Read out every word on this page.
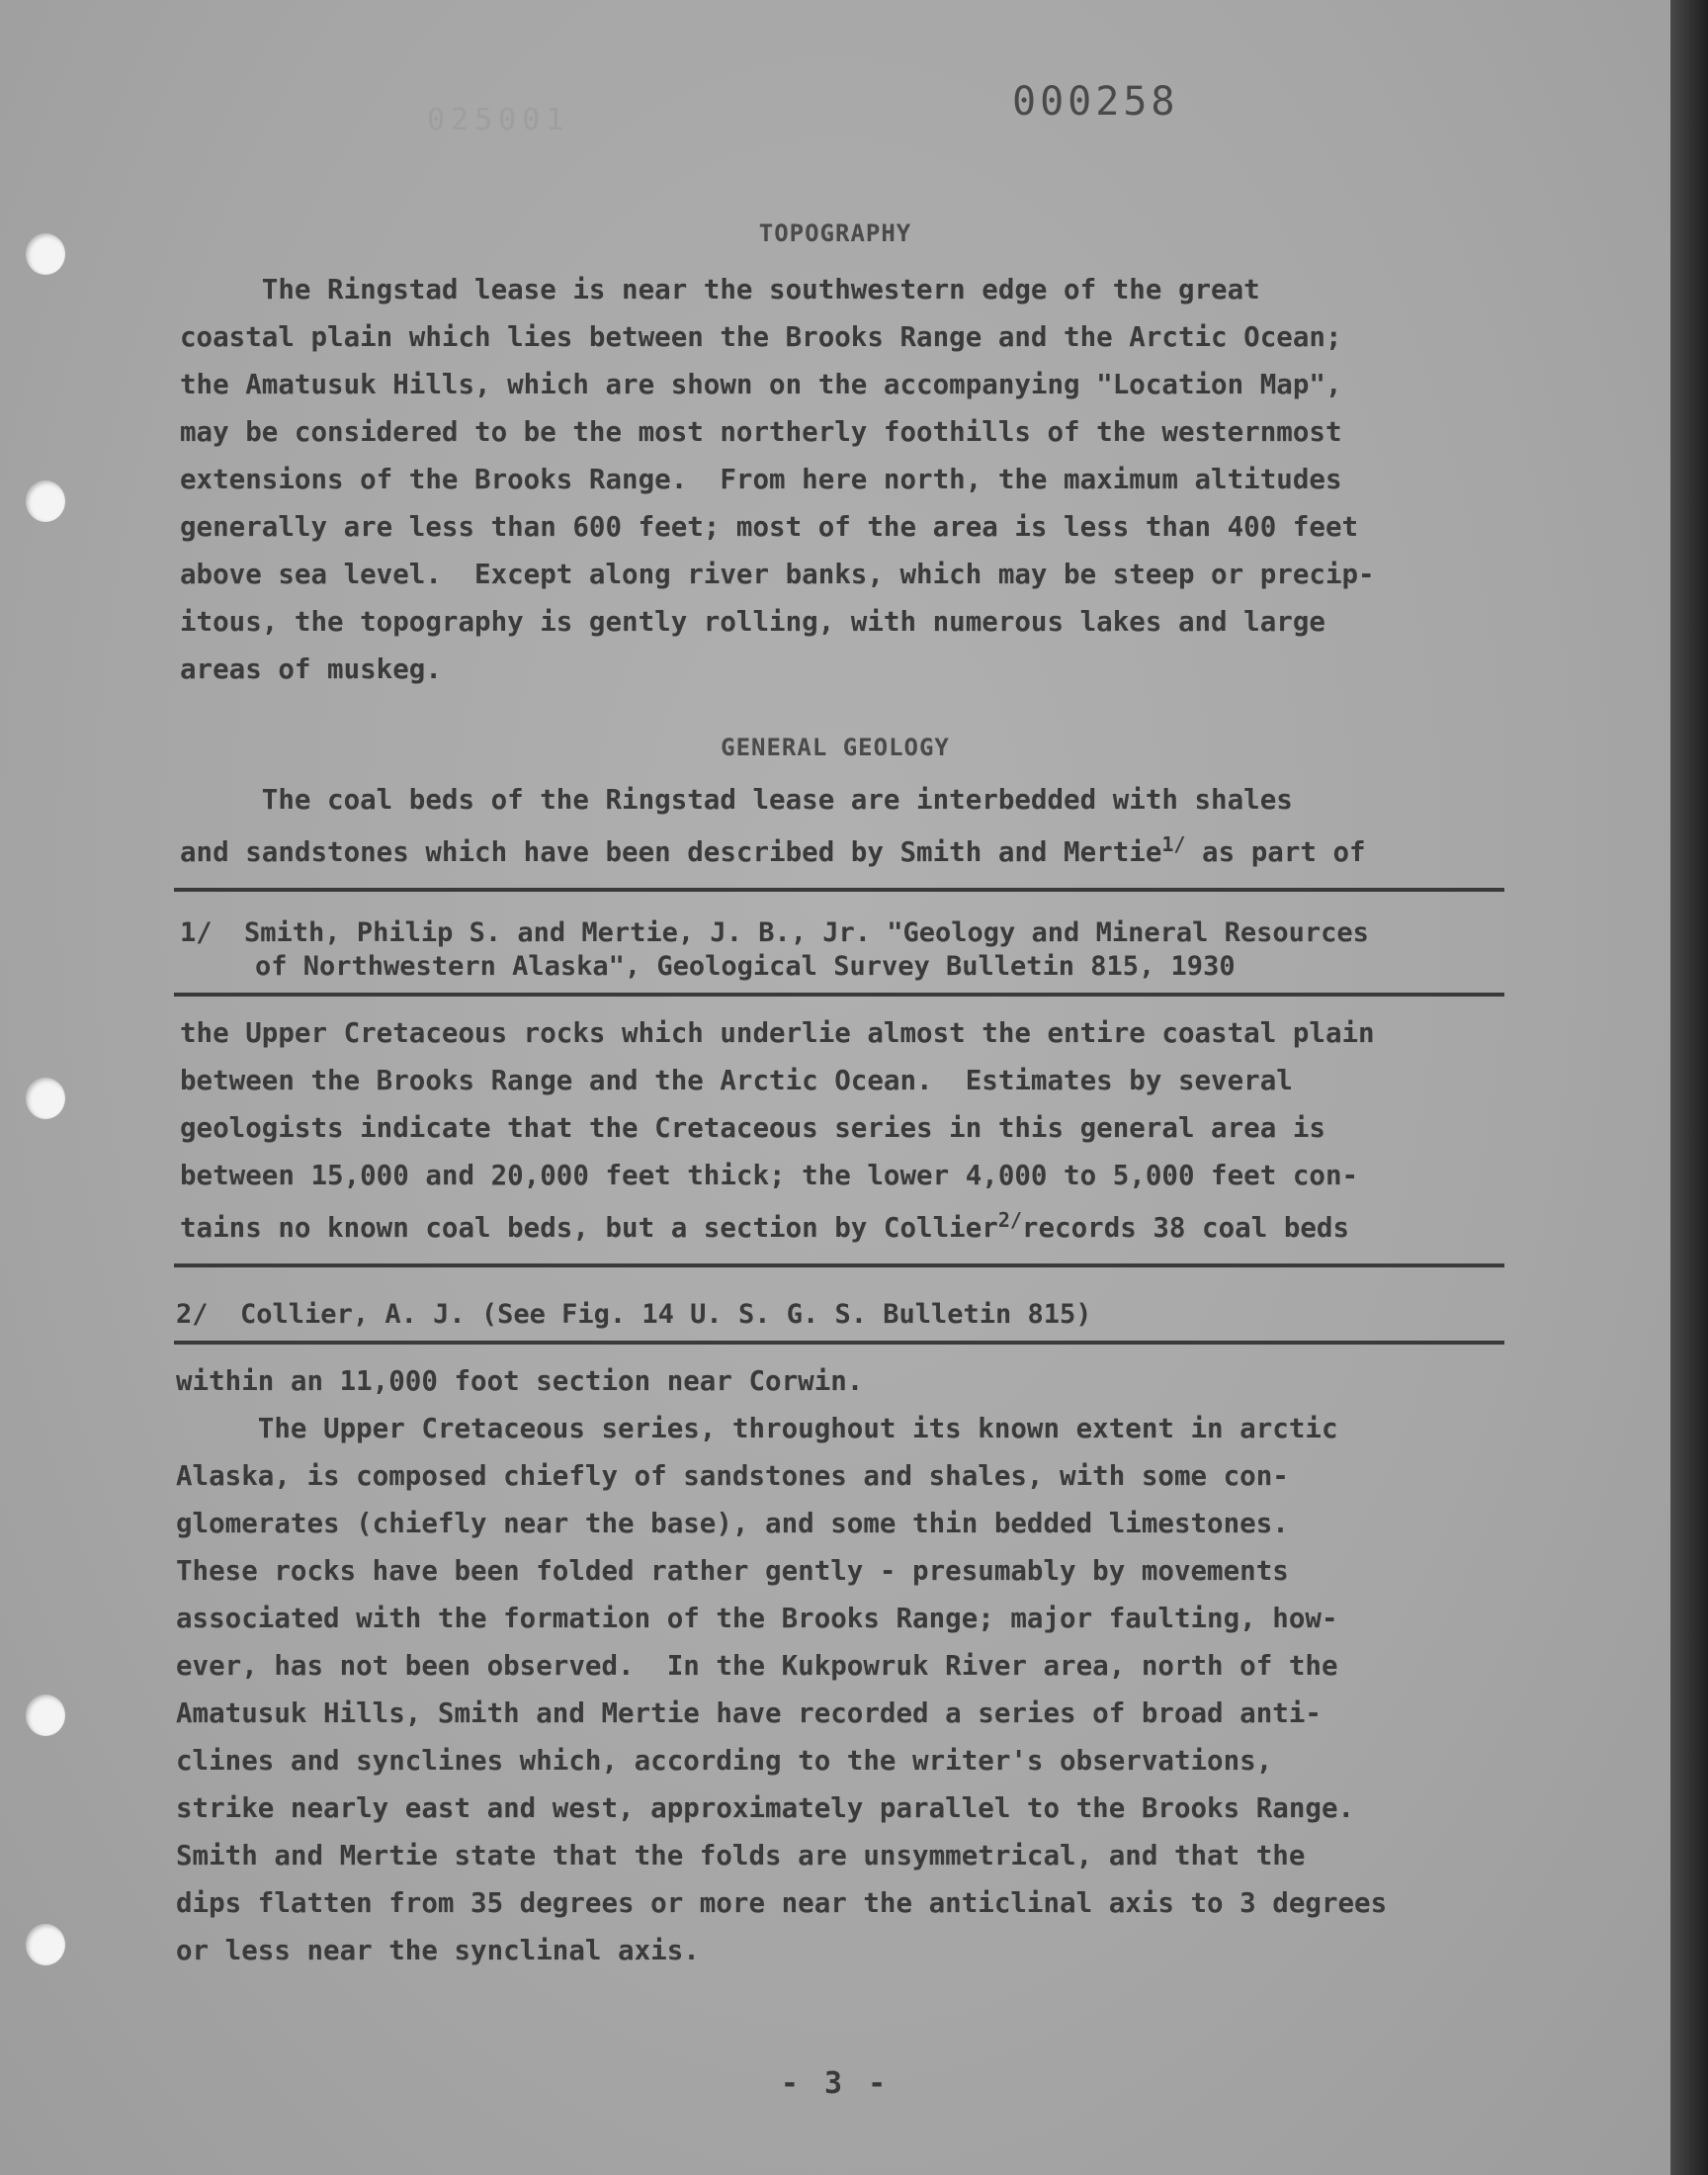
025001	000258
TOPOGRAPHY
The Ringstad lease is near the southwestern edge of the great
coastal plain which lies between the Brooks Range and the Arctic Ocean;
the Amatusuk Hills, which are shown on the accompanying "Location Map",
may be considered to be the most northerly foothills of the westernmost
extensions of the Brooks Range.  From here north, the maximum altitudes
generally are less than 600 feet; most of the area is less than 400 feet
above sea level.  Except along river banks, which may be steep or precip-
itous, the topography is gently rolling, with numerous lakes and large
areas of muskeg.
GENERAL GEOLOGY
The coal beds of the Ringstad lease are interbedded with shales
and sandstones which have been described by Smith and Mertie$^{1/}$ as part of
1/ Smith, Philip S. and Mertie, J. B., Jr. "Geology and Mineral Resources
of Northwestern Alaska", Geological Survey Bulletin 815, 1930
the Upper Cretaceous rocks which underlie almost the entire coastal plain
between the Brooks Range and the Arctic Ocean.  Estimates by several
geologists indicate that the Cretaceous series in this general area is
between 15,000 and 20,000 feet thick; the lower 4,000 to 5,000 feet con-
tains no known coal beds, but a section by Collier$^{2/}$records 38 coal beds
2/ Collier, A. J. (See Fig. 14 U. S. G. S. Bulletin 815)
within an 11,000 foot section near Corwin.
The Upper Cretaceous series, throughout its known extent in arctic
Alaska, is composed chiefly of sandstones and shales, with some con-
glomerates (chiefly near the base), and some thin bedded limestones.
These rocks have been folded rather gently - presumably by movements
associated with the formation of the Brooks Range; major faulting, how-
ever, has not been observed.  In the Kukpowruk River area, north of the
Amatusuk Hills, Smith and Mertie have recorded a series of broad anti-
clines and synclines which, according to the writer's observations,
strike nearly east and west, approximately parallel to the Brooks Range.
Smith and Mertie state that the folds are unsymmetrical, and that the
dips flatten from 35 degrees or more near the anticlinal axis to 3 degrees
or less near the synclinal axis.
- 3 -
